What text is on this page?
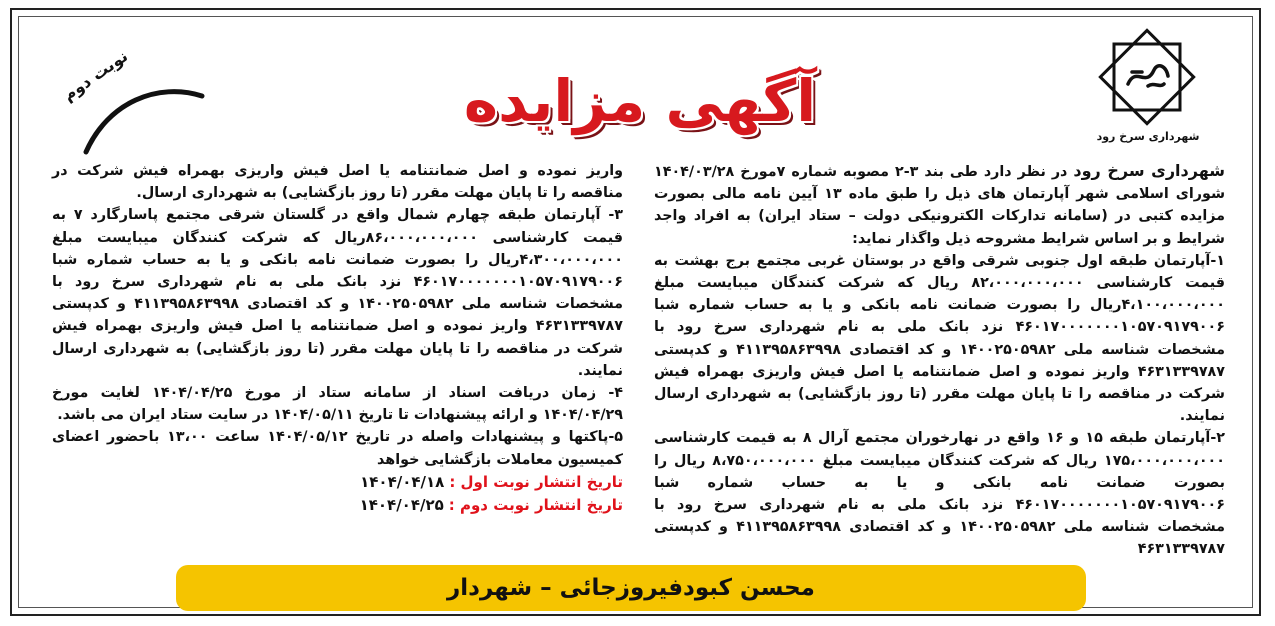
شهرداری سرخ رود
نوبت دوم	آگهی مزایده

شهرداری سرخ رود در نظر دارد طی بند ۳-۲ مصوبه شماره ۷مورخ ۱۴۰۴/۰۳/۲۸ شورای اسلامی شهر آپارتمان های ذیل را طبق ماده ۱۳ آیین نامه مالی بصورت مزایده کتبی در (سامانه تدارکات الکترونیکی دولت – ستاد ایران) به افراد واجد شرایط و بر اساس شرایط مشروحه ذیل واگذار نماید:

۱-آپارتمان طبقه اول جنوبی شرقی واقع در بوستان غربی مجتمع برج بهشت به قیمت کارشناسی ۸۲،۰۰۰،۰۰۰،۰۰۰ ریال که شرکت کنندگان میبایست مبلغ ۴،۱۰۰،۰۰۰،۰۰۰ریال را بصورت ضمانت نامه بانکی و یا به حساب شماره شبا ۴۶۰۱۷۰۰۰۰۰۰۰۱۰۵۷۰۹۱۷۹۰۰۶ نزد بانک ملی به نام شهرداری سرخ رود با مشخصات شناسه ملی ۱۴۰۰۲۵۰۵۹۸۲ و کد اقتصادی ۴۱۱۳۹۵۸۶۳۹۹۸ و کدپستی ۴۶۳۱۳۳۹۷۸۷ واریز نموده و اصل ضمانتنامه یا اصل فیش واریزی بهمراه فیش شرکت در مناقصه را تا پایان مهلت مقرر (تا روز بازگشایی) به شهرداری ارسال نمایند.

۲-آپارتمان طبقه ۱۵ و ۱۶ واقع در نهارخوران مجتمع آرال ۸ به قیمت کارشناسی ۱۷۵،۰۰۰،۰۰۰،۰۰۰ ریال که شرکت کنندگان میبایست مبلغ ۸،۷۵۰،۰۰۰،۰۰۰ ریال را بصورت ضمانت نامه بانکی و یا به حساب شماره شبا ۴۶۰۱۷۰۰۰۰۰۰۰۱۰۵۷۰۹۱۷۹۰۰۶ نزد بانک ملی به نام شهرداری سرخ رود با مشخصات شناسه ملی ۱۴۰۰۲۵۰۵۹۸۲ و کد اقتصادی ۴۱۱۳۹۵۸۶۳۹۹۸ و کدپستی ۴۶۳۱۳۳۹۷۸۷

واریز نموده و اصل ضمانتنامه یا اصل فیش واریزی بهمراه فیش شرکت در مناقصه را تا پایان مهلت مقرر (تا روز بازگشایی) به شهرداری ارسال.

۳- آپارتمان طبقه چهارم شمال واقع در گلستان شرقی مجتمع پاسارگارد ۷ به قیمت کارشناسی ۸۶،۰۰۰،۰۰۰،۰۰۰ریال که شرکت کنندگان میبایست مبلغ ۴،۳۰۰،۰۰۰،۰۰۰ریال را بصورت ضمانت نامه بانکی و یا به حساب شماره شبا ۴۶۰۱۷۰۰۰۰۰۰۰۱۰۵۷۰۹۱۷۹۰۰۶ نزد بانک ملی به نام شهرداری سرخ رود با مشخصات شناسه ملی ۱۴۰۰۲۵۰۵۹۸۲ و کد اقتصادی ۴۱۱۳۹۵۸۶۳۹۹۸ و کدپستی ۴۶۳۱۳۳۹۷۸۷ واریز نموده و اصل ضمانتنامه یا اصل فیش واریزی بهمراه فیش شرکت در مناقصه را تا پایان مهلت مقرر (تا روز بازگشایی) به شهرداری ارسال نمایند.

۴- زمان دریافت اسناد از سامانه ستاد از مورخ ۱۴۰۴/۰۴/۲۵ لغایت مورخ ۱۴۰۴/۰۴/۲۹ و ارائه پیشنهادات تا تاریخ ۱۴۰۴/۰۵/۱۱ در سایت ستاد ایران می باشد.

۵-پاکتها و پیشنهادات واصله در تاریخ ۱۴۰۴/۰۵/۱۲ ساعت ۱۳،۰۰ باحضور اعضای کمیسیون معاملات بازگشایی خواهد

تاریخ انتشار نوبت اول : ۱۴۰۴/۰۴/۱۸

تاریخ انتشار نوبت دوم : ۱۴۰۴/۰۴/۲۵

محسن کبودفیروزجائی – شهردار
